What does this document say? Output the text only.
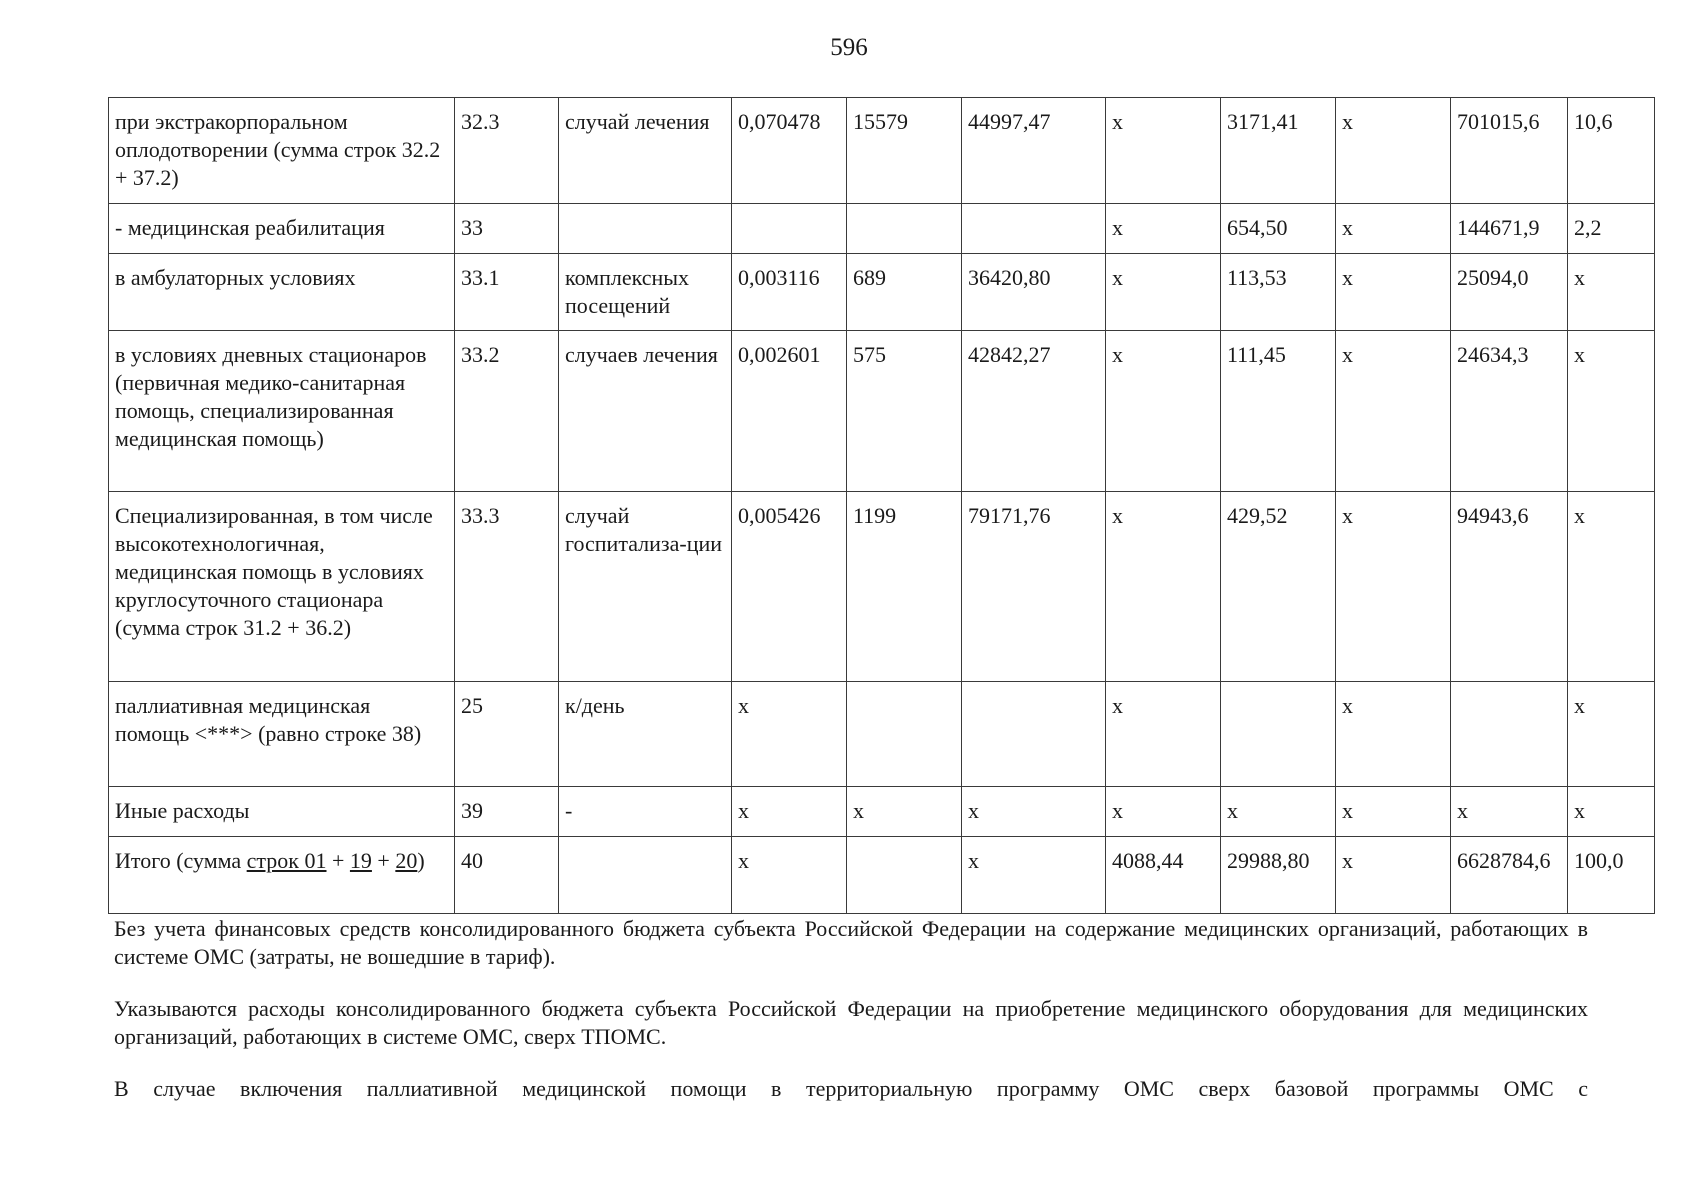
596
при экстракорпоральном оплодотворении (сумма строк 32.2 + 37.2)	32.3	случай лечения	0,070478	15579	44997,47	х	3171,41	х	701015,6	10,6
- медицинская реабилитация	33					х	654,50	х	144671,9	2,2
в амбулаторных условиях	33.1	комплексных посещений	0,003116	689	36420,80	х	113,53	х	25094,0	х
в условиях дневных стационаров (первичная медико-санитарная помощь, специализированная медицинская помощь)	33.2	случаев лечения	0,002601	575	42842,27	х	111,45	х	24634,3	х
Специализированная, в том числе высокотехнологичная, медицинская помощь в условиях круглосуточного стационара (сумма строк 31.2 + 36.2)	33.3	случай госпитализа-ции	0,005426	1199	79171,76	х	429,52	х	94943,6	х
паллиативная медицинская помощь <***> (равно строке 38)	25	к/день	х			х		х		х
Иные расходы	39	-	х	х	х	х	х	х	х	х
Итого (сумма строк 01 + 19 + 20)	40		х		х	4088,44	29988,80	х	6628784,6	100,0
Без учета финансовых средств консолидированного бюджета субъекта Российской Федерации на содержание медицинских организаций, работающих в системе ОМС (затраты, не вошедшие в тариф).
Указываются расходы консолидированного бюджета субъекта Российской Федерации на приобретение медицинского оборудования для медицинских организаций, работающих в системе ОМС, сверх ТПОМС.
В случае включения паллиативной медицинской помощи в территориальную программу ОМС сверх базовой программы ОМС с
